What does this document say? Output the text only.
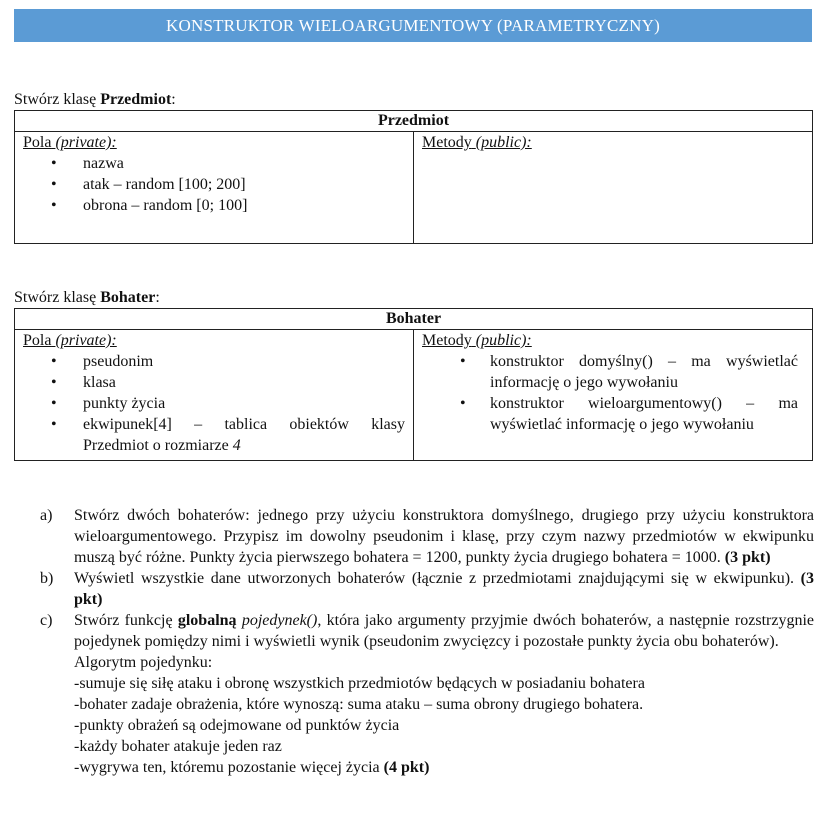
KONSTRUKTOR WIELOARGUMENTOWY (PARAMETRYCZNY)
Stwórz klasę Przedmiot:
Przedmiot

Pola (private):
• nazwa
• atak – random [100; 200]
• obrona – random [0; 100]

Metody (public):
Stwórz klasę Bohater:
Bohater

Pola (private):
• pseudonim
• klasa
• punkty życia
• ekwipunek[4] – tablica obiektów klasy
Przedmiot o rozmiarze 4

Metody (public):
• konstruktor domyślny() – ma wyświetlać
informację o jego wywołaniu
• konstruktor wieloargumentowy() – ma
wyświetlać informację o jego wywołaniu
a) Stwórz dwóch bohaterów: jednego przy użyciu konstruktora domyślnego, drugiego przy użyciu konstruktora wieloargumentowego. Przypisz im dowolny pseudonim i klasę, przy czym nazwy przedmiotów w ekwipunku muszą być różne. Punkty życia pierwszego bohatera = 1200, punkty życia drugiego bohatera = 1000. (3 pkt)
b) Wyświetl wszystkie dane utworzonych bohaterów (łącznie z przedmiotami znajdującymi się w ekwipunku). (3 pkt)
c) Stwórz funkcję globalną pojedynek(), która jako argumenty przyjmie dwóch bohaterów, a następnie rozstrzygnie pojedynek pomiędzy nimi i wyświetli wynik (pseudonim zwycięzcy i pozostałe punkty życia obu bohaterów).
Algorytm pojedynku:
-sumuje się siłę ataku i obronę wszystkich przedmiotów będących w posiadaniu bohatera
-bohater zadaje obrażenia, które wynoszą: suma ataku – suma obrony drugiego bohatera.
-punkty obrażeń są odejmowane od punktów życia
-każdy bohater atakuje jeden raz
-wygrywa ten, któremu pozostanie więcej życia (4 pkt)
